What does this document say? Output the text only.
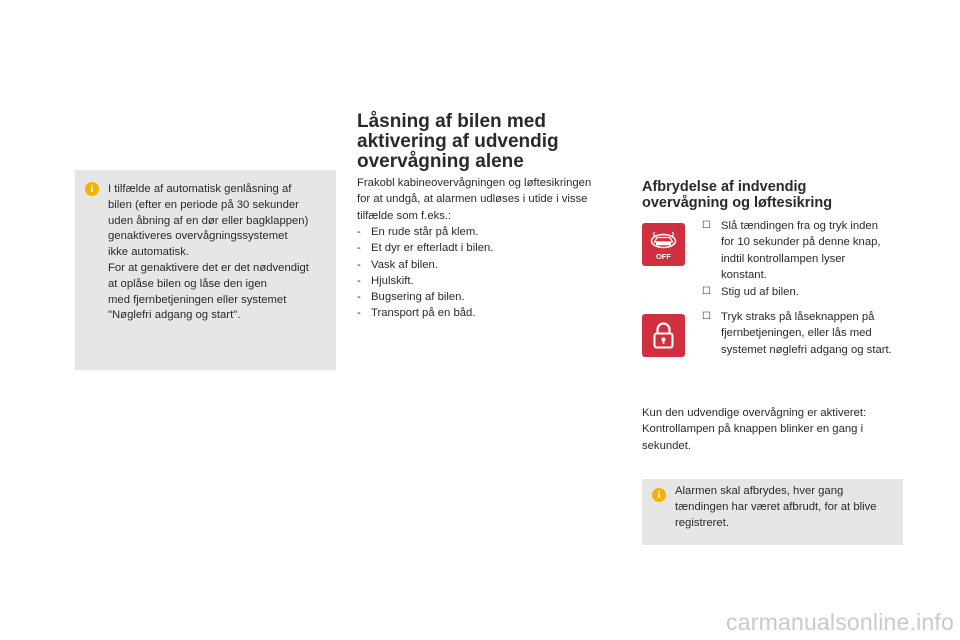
i	I tilfælde af automatisk genlåsning af
bilen (efter en periode på 30 sekunder
uden åbning af en dør eller bagklappen)
genaktiveres overvågningssystemet
ikke automatisk.
For at genaktivere det er det nødvendigt
at oplåse bilen og låse den igen
med fjernbetjeningen eller systemet
"Nøglefri adgang og start".
Låsning af bilen med
aktivering af udvendig
overvågning alene
Frakobl kabineovervågningen og løftesikringen
for at undgå, at alarmen udløses i utide i visse
tilfælde som f.eks.:
- En rude står på klem.
- Et dyr er efterladt i bilen.
- Vask af bilen.
- Hjulskift.
- Bugsering af bilen.
- Transport på en båd.
Afbrydelse af indvendig
overvågning og løftesikring
OFF
☐ Slå tændingen fra og tryk inden for 10 sekunder på denne knap, indtil kontrollampen lyser konstant.
☐ Stig ud af bilen.
☐ Tryk straks på låseknappen på fjernbetjeningen, eller lås med systemet nøglefri adgang og start.
Kun den udvendige overvågning er aktiveret:
Kontrollampen på knappen blinker en gang i
sekundet.
i	Alarmen skal afbrydes, hver gang
tændingen har været afbrudt, for at blive
registreret.
carmanualsonline.info
